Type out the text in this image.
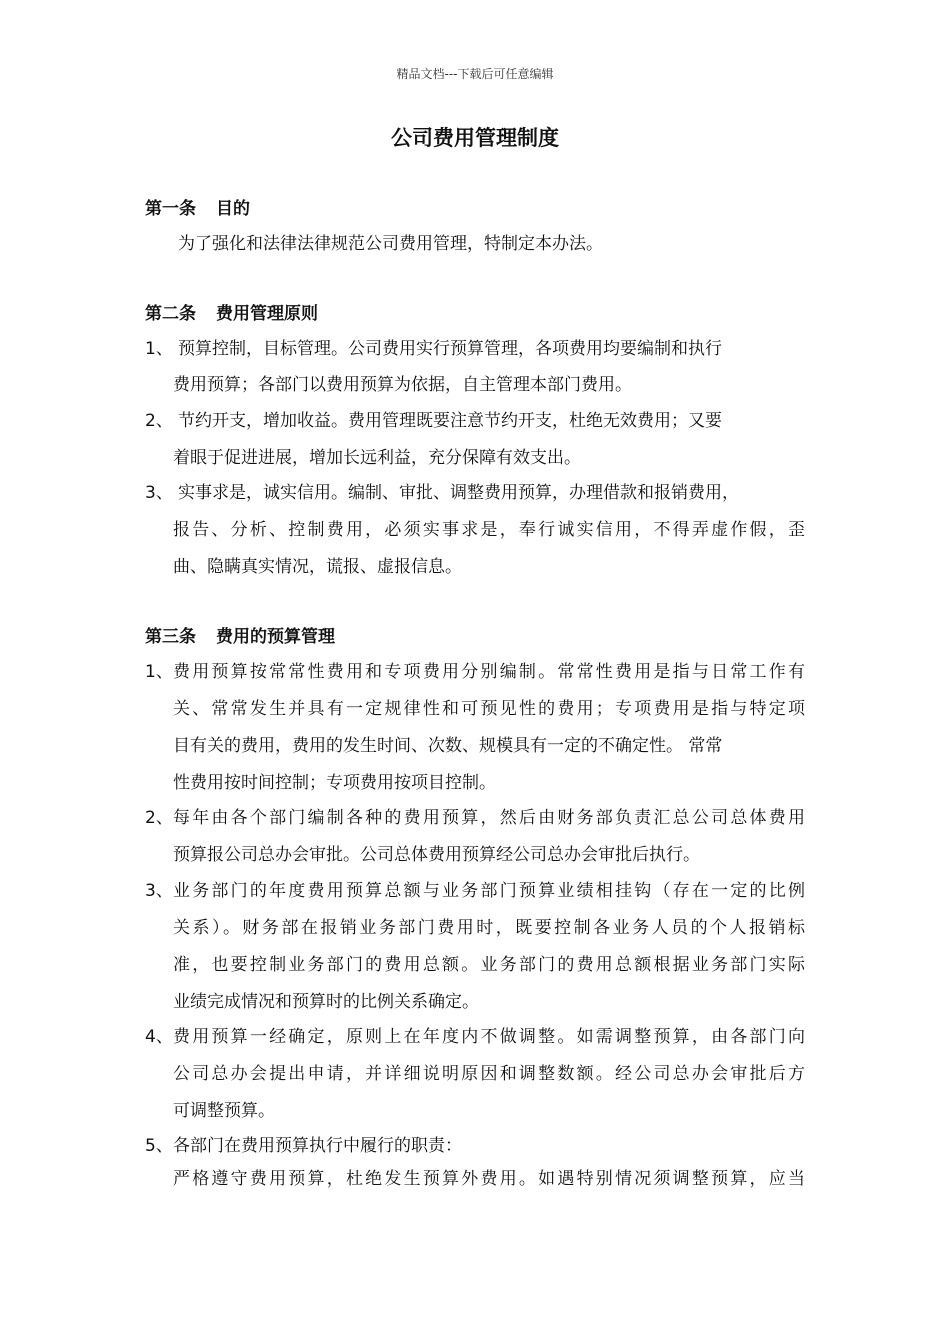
精品文档---下载后可任意编辑
公司费用管理制度
第一条 目的
为了强化和法律法律规范公司费用管理，特制定本办法。
第二条 费用管理原则
1、 预算控制，目标管理。公司费用实行预算管理，各项费用均要编制和执行
费用预算；各部门以费用预算为依据，自主管理本部门费用。
2、 节约开支，增加收益。费用管理既要注意节约开支，杜绝无效费用；又要
着眼于促进进展，增加长远利益，充分保障有效支出。
3、 实事求是，诚实信用。编制、审批、调整费用预算，办理借款和报销费用，
报告、分析、控制费用，必须实事求是，奉行诚实信用，不得弄虚作假，歪
曲、隐瞒真实情况，谎报、虚报信息。
第三条 费用的预算管理
1、 费用预算按常常性费用和专项费用分别编制。常常性费用是指与日常工作有
关、常常发生并具有一定规律性和可预见性的费用；专项费用是指与特定项
目有关的费用，费用的发生时间、次数、规模具有一定的不确定性。 常常
性费用按时间控制；专项费用按项目控制。
2、 每年由各个部门编制各种的费用预算，然后由财务部负责汇总公司总体费用
预算报公司总办会审批。公司总体费用预算经公司总办会审批后执行。
3、 业务部门的年度费用预算总额与业务部门预算业绩相挂钩（存在一定的比例
关系）。财务部在报销业务部门费用时，既要控制各业务人员的个人报销标
准，也要控制业务部门的费用总额。业务部门的费用总额根据业务部门实际
业绩完成情况和预算时的比例关系确定。
4、 费用预算一经确定，原则上在年度内不做调整。如需调整预算，由各部门向
公司总办会提出申请，并详细说明原因和调整数额。经公司总办会审批后方
可调整预算。
5、 各部门在费用预算执行中履行的职责：
严格遵守费用预算，杜绝发生预算外费用。如遇特别情况须调整预算，应当
